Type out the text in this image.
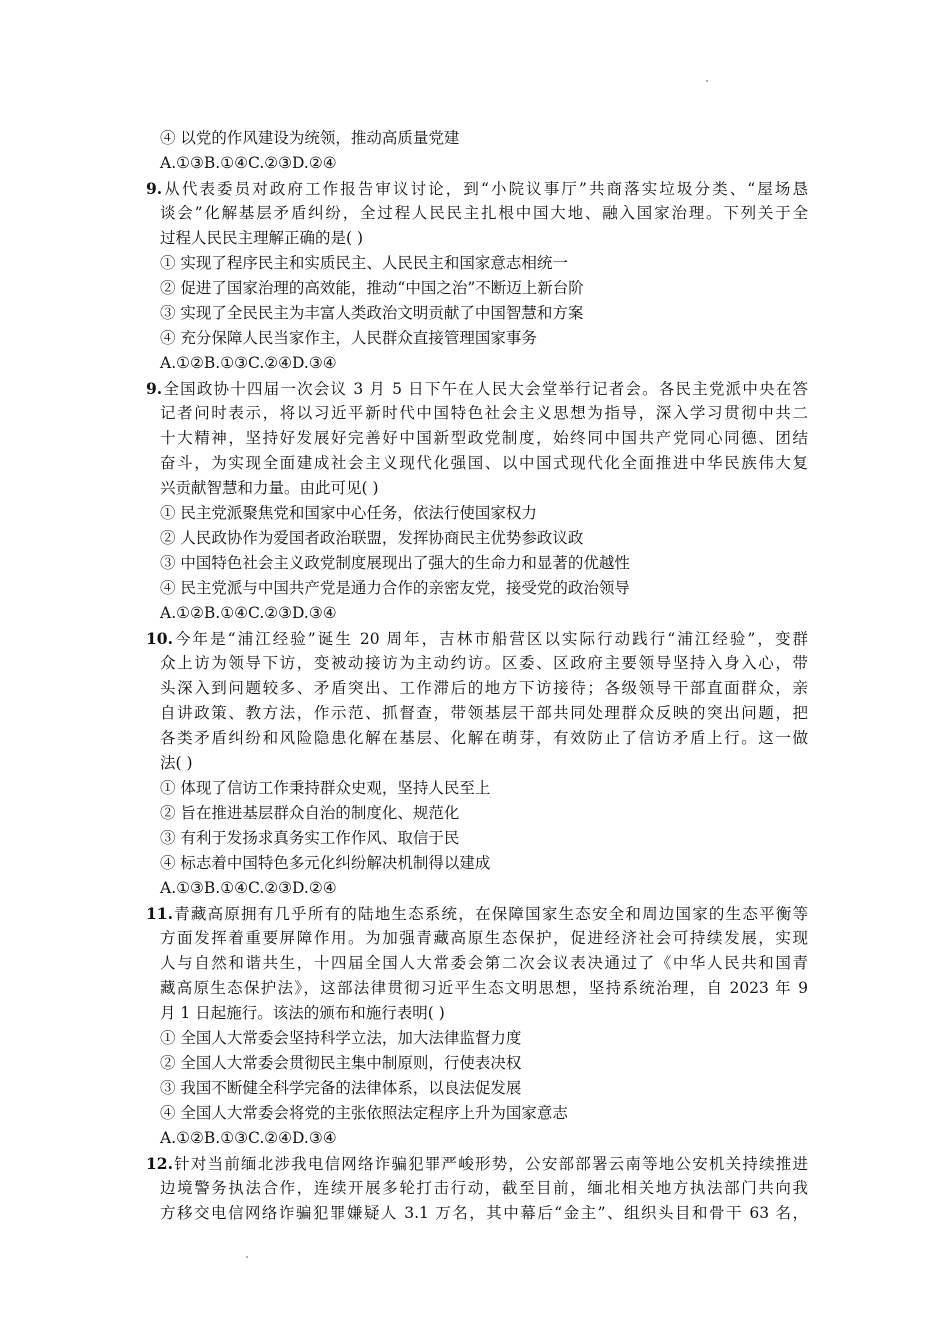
④ 以党的作风建设为统领，推动高质量党建
A.①③B.①④C.②③D.②④
9.从代表委员对政府工作报告审议讨论，到“小院议事厅”共商落实垃圾分类、“屋场恳
谈会”化解基层矛盾纠纷，全过程人民民主扎根中国大地、融入国家治理。下列关于全
过程人民民主理解正确的是( )
① 实现了程序民主和实质民主、人民民主和国家意志相统一
② 促进了国家治理的高效能，推动“中国之治”不断迈上新台阶
③ 实现了全民民主为丰富人类政治文明贡献了中国智慧和方案
④ 充分保障人民当家作主，人民群众直接管理国家事务
A.①②B.①③C.②④D.③④
9.全国政协十四届一次会议 3 月 5 日下午在人民大会堂举行记者会。各民主党派中央在答
记者问时表示，将以习近平新时代中国特色社会主义思想为指导，深入学习贯彻中共二
十大精神，坚持好发展好完善好中国新型政党制度，始终同中国共产党同心同德、团结
奋斗，为实现全面建成社会主义现代化强国、以中国式现代化全面推进中华民族伟大复
兴贡献智慧和力量。由此可见( )
① 民主党派聚焦党和国家中心任务，依法行使国家权力
② 人民政协作为爱国者政治联盟，发挥协商民主优势参政议政
③ 中国特色社会主义政党制度展现出了强大的生命力和显著的优越性
④ 民主党派与中国共产党是通力合作的亲密友党，接受党的政治领导
A.①②B.①④C.②③D.③④
10.今年是“浦江经验”诞生 20 周年，吉林市船营区以实际行动践行“浦江经验”，变群
众上访为领导下访，变被动接访为主动约访。区委、区政府主要领导坚持入身入心，带
头深入到问题较多、矛盾突出、工作滞后的地方下访接待；各级领导干部直面群众，亲
自讲政策、教方法，作示范、抓督查，带领基层干部共同处理群众反映的突出问题，把
各类矛盾纠纷和风险隐患化解在基层、化解在萌芽，有效防止了信访矛盾上行。这一做
法( )
① 体现了信访工作秉持群众史观，坚持人民至上
② 旨在推进基层群众自治的制度化、规范化
③ 有利于发扬求真务实工作作风、取信于民
④ 标志着中国特色多元化纠纷解决机制得以建成
A.①③B.①④C.②③D.②④
11.青藏高原拥有几乎所有的陆地生态系统，在保障国家生态安全和周边国家的生态平衡等
方面发挥着重要屏障作用。为加强青藏高原生态保护，促进经济社会可持续发展，实现
人与自然和谐共生，十四届全国人大常委会第二次会议表决通过了《中华人民共和国青
藏高原生态保护法》，这部法律贯彻习近平生态文明思想，坚持系统治理，自 2023 年 9
月 1 日起施行。该法的颁布和施行表明( )
① 全国人大常委会坚持科学立法，加大法律监督力度
② 全国人大常委会贯彻民主集中制原则，行使表决权
③ 我国不断健全科学完备的法律体系，以良法促发展
④ 全国人大常委会将党的主张依照法定程序上升为国家意志
A.①②B.①③C.②④D.③④
12.针对当前缅北涉我电信网络诈骗犯罪严峻形势，公安部部署云南等地公安机关持续推进
边境警务执法合作，连续开展多轮打击行动，截至目前，缅北相关地方执法部门共向我
方移交电信网络诈骗犯罪嫌疑人 3.1 万名，其中幕后“金主”、组织头目和骨干 63 名，
